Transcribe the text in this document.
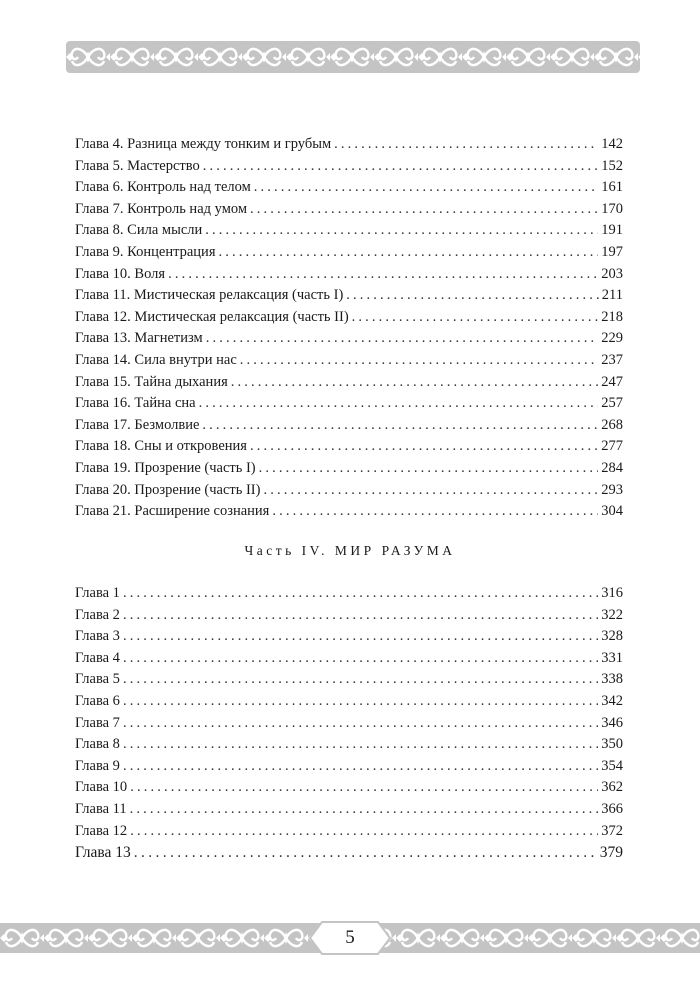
Глава 4. Разница между тонким и грубым . . .	142
Глава 5. Мастерство . . .	152
Глава 6. Контроль над телом . . .	161
Глава 7. Контроль над умом . . .	170
Глава 8. Сила мысли . . .	191
Глава 9. Концентрация . . .	197
Глава 10. Воля . . .	203
Глава 11. Мистическая релаксация (часть I) . . .	211
Глава 12. Мистическая релаксация (часть II) . . .	218
Глава 13. Магнетизм . . .	229
Глава 14. Сила внутри нас . . .	237
Глава 15. Тайна дыхания . . .	247
Глава 16. Тайна сна . . .	257
Глава 17. Безмолвие . . .	268
Глава 18. Сны и откровения . . .	277
Глава 19. Прозрение (часть I) . . .	284
Глава 20. Прозрение (часть II) . . .	293
Глава 21. Расширение сознания . . .	304
Часть IV. МИР РАЗУМА
Глава 1 . . .	316
Глава 2 . . .	322
Глава 3 . . .	328
Глава 4 . . .	331
Глава 5 . . .	338
Глава 6 . . .	342
Глава 7 . . .	346
Глава 8 . . .	350
Глава 9 . . .	354
Глава 10 . . .	362
Глава 11 . . .	366
Глава 12 . . .	372
Глава 13 . . .	379
5
